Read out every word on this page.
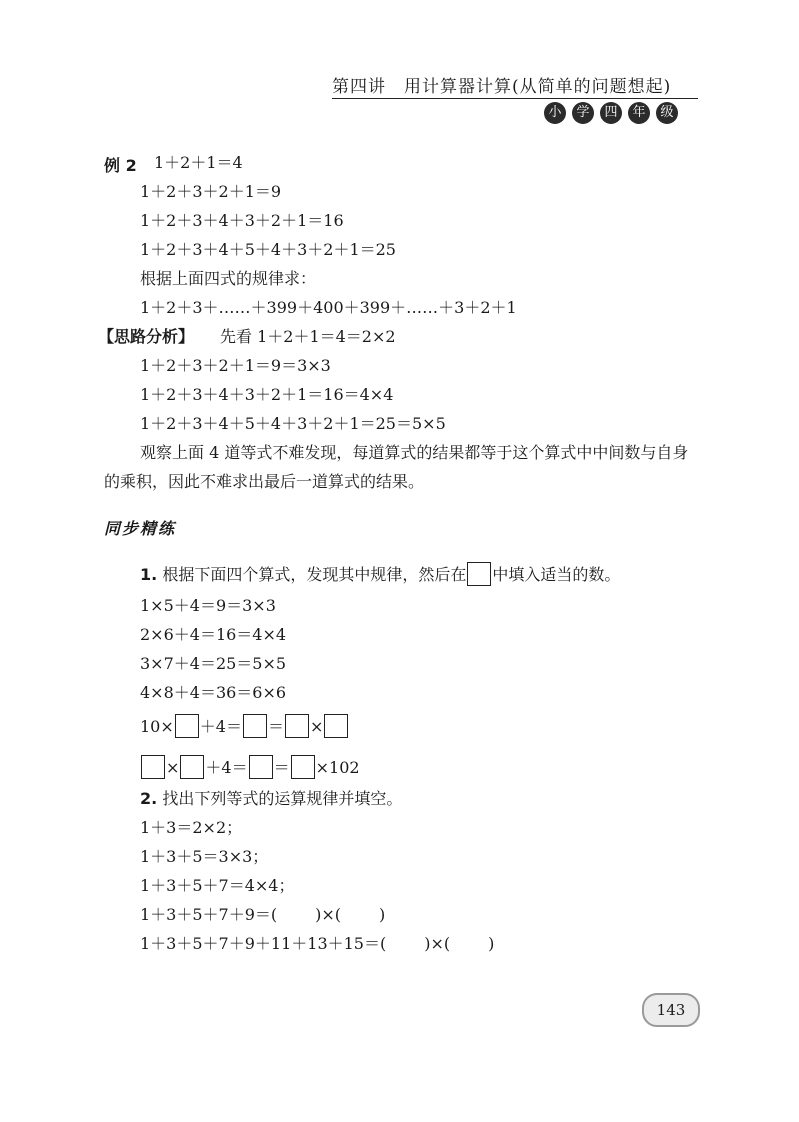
第四讲　用计算器计算(从简单的问题想起)
小	学	四	年	级
例 2 1＋2＋1＝4
1＋2＋3＋2＋1＝9
1＋2＋3＋4＋3＋2＋1＝16
1＋2＋3＋4＋5＋4＋3＋2＋1＝25
根据上面四式的规律求：
1＋2＋3＋……＋399＋400＋399＋……＋3＋2＋1
【思路分析】 先看 1＋2＋1＝4＝2×2
1＋2＋3＋2＋1＝9＝3×3
1＋2＋3＋4＋3＋2＋1＝16＝4×4
1＋2＋3＋4＋5＋4＋3＋2＋1＝25＝5×5
观察上面 4 道等式不难发现，每道算式的结果都等于这个算式中中间数与自身的乘积，因此不难求出最后一道算式的结果。
同步精练
1. 根据下面四个算式，发现其中规律，然后在 中填入适当的数。
1×5＋4＝9＝3×3
2×6＋4＝16＝4×4
3×7＋4＝25＝5×5
4×8＋4＝36＝6×6
10× ＋4＝ ＝ ×
× ＋4＝ ＝ ×102
2. 找出下列等式的运算规律并填空。
1＋3＝2×2；
1＋3＋5＝3×3；
1＋3＋5＋7＝4×4；
1＋3＋5＋7＋9＝( )×( )
1＋3＋5＋7＋9＋11＋13＋15＝( )×( )
143
